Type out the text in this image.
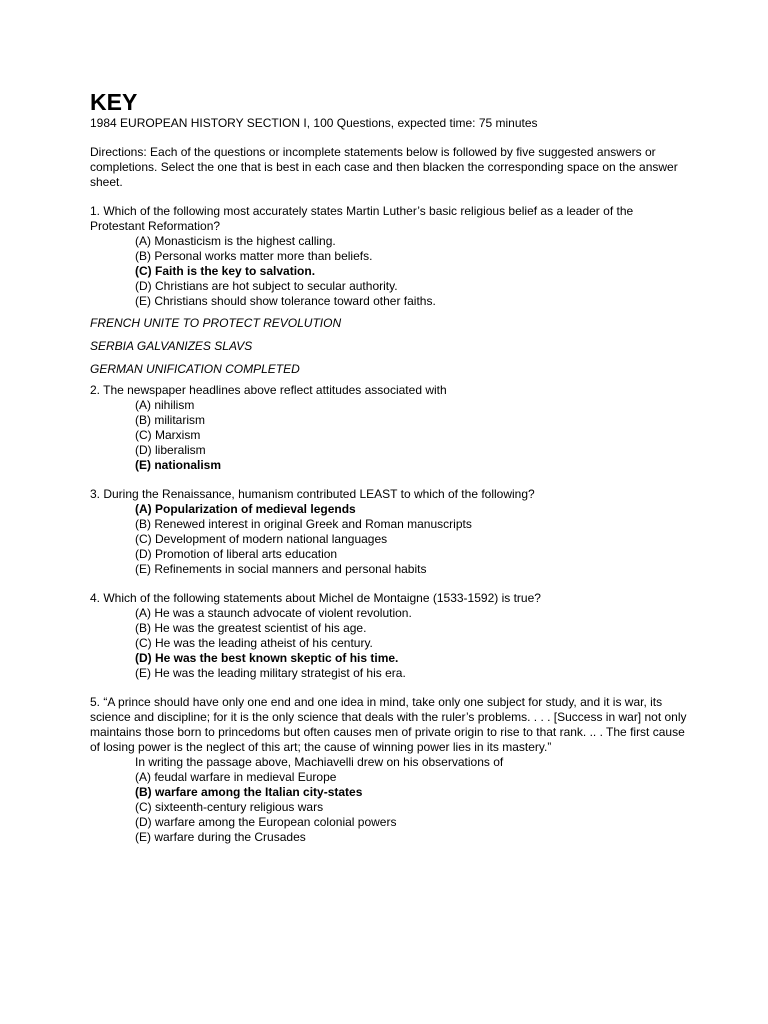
KEY

1984 EUROPEAN HISTORY SECTION I, 100 Questions, expected time: 75 minutes

Directions: Each of the questions or incomplete statements below is followed by five suggested answers or completions. Select the one that is best in each case and then blacken the corresponding space on the answer sheet.

1. Which of the following most accurately states Martin Luther’s basic religious belief as a leader of the Protestant Reformation?

(A) Monasticism is the highest calling.
(B) Personal works matter more than beliefs.
(C) Faith is the key to salvation.
(D) Christians are hot subject to secular authority.
(E) Christians should show tolerance toward other faiths.

FRENCH UNITE TO PROTECT REVOLUTION

SERBIA GALVANIZES SLAVS

GERMAN UNIFICATION COMPLETED

2. The newspaper headlines above reflect attitudes associated with

(A) nihilism
(B) militarism
(C) Marxism
(D) liberalism
(E) nationalism

3. During the Renaissance, humanism contributed LEAST to which of the following?

(A) Popularization of medieval legends
(B) Renewed interest in original Greek and Roman manuscripts
(C) Development of modern national languages
(D) Promotion of liberal arts education
(E) Refinements in social manners and personal habits

4. Which of the following statements about Michel de Montaigne (1533-1592) is true?

(A) He was a staunch advocate of violent revolution.
(B) He was the greatest scientist of his age.
(C) He was the leading atheist of his century.
(D) He was the best known skeptic of his time.
(E) He was the leading military strategist of his era.

5. “A prince should have only one end and one idea in mind, take only one subject for study, and it is war, its science and discipline; for it is the only science that deals with the ruler’s problems. . . . [Success in war] not only maintains those born to princedoms but often causes men of private origin to rise to that rank. .. . The first cause of losing power is the neglect of this art; the cause of winning power lies in its mastery.”

In writing the passage above, Machiavelli drew on his observations of

(A) feudal warfare in medieval Europe
(B) warfare among the Italian city-states
(C) sixteenth-century religious wars
(D) warfare among the European colonial powers
(E) warfare during the Crusades
